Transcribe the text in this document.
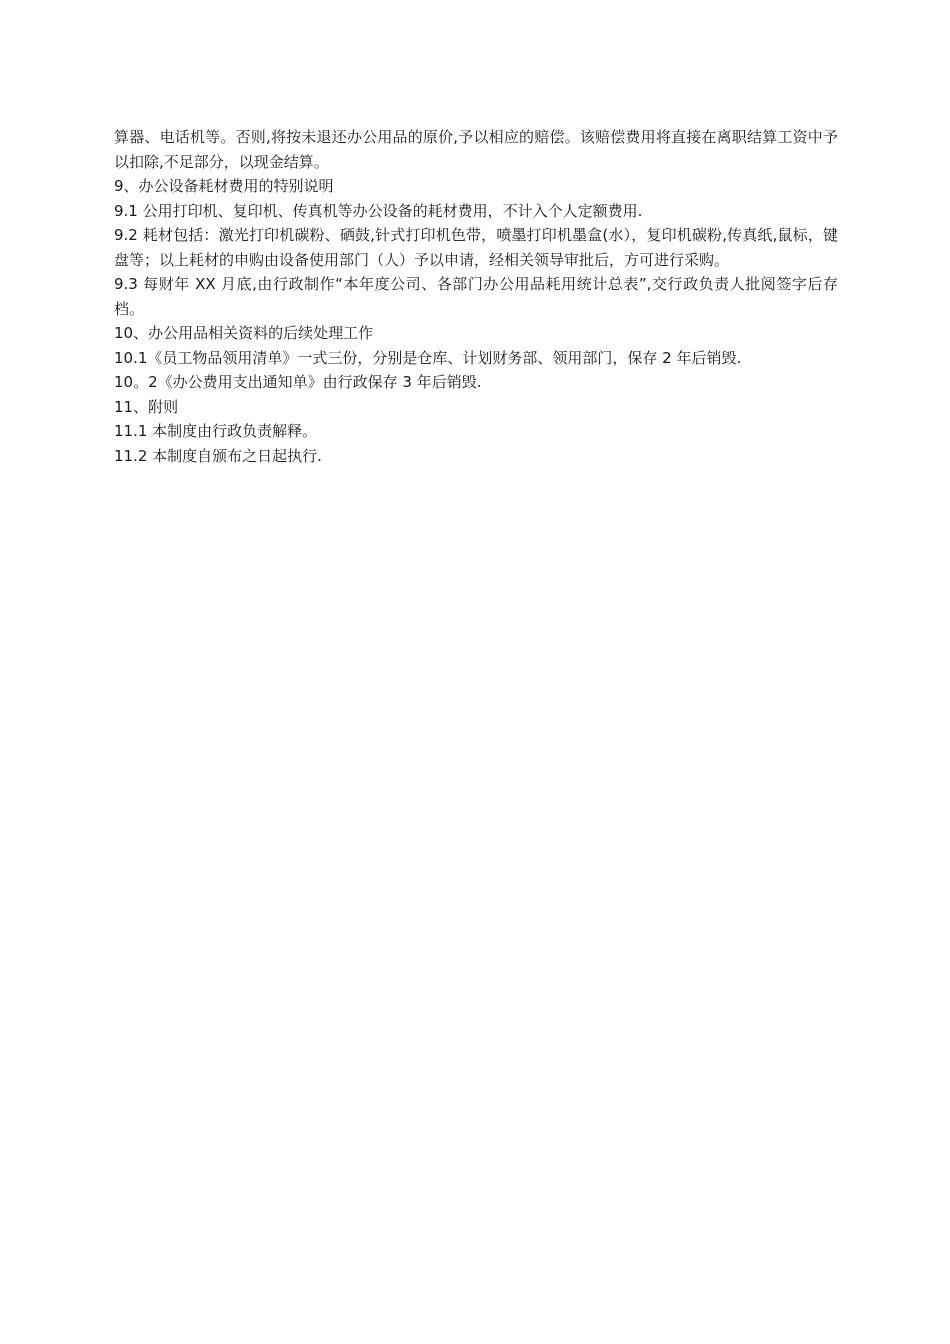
算器、电话机等。否则,将按未退还办公用品的原价,予以相应的赔偿。该赔偿费用将直接在离职结算工资中予以扣除,不足部分，以现金结算。

9、办公设备耗材费用的特别说明

9.1 公用打印机、复印机、传真机等办公设备的耗材费用，不计入个人定额费用.

9.2 耗材包括：激光打印机碳粉、硒鼓,针式打印机色带，喷墨打印机墨盒(水），复印机碳粉,传真纸,鼠标，键盘等；以上耗材的申购由设备使用部门（人）予以申请，经相关领导审批后，方可进行采购。

9.3 每财年 XX 月底,由行政制作“本年度公司、各部门办公用品耗用统计总表”,交行政负责人批阅签字后存档。

10、办公用品相关资料的后续处理工作

10.1《员工物品领用清单》一式三份，分别是仓库、计划财务部、领用部门，保存 2 年后销毁.

10。2《办公费用支出通知单》由行政保存 3 年后销毁.

11、附则

11.1 本制度由行政负责解释。

11.2 本制度自颁布之日起执行.
